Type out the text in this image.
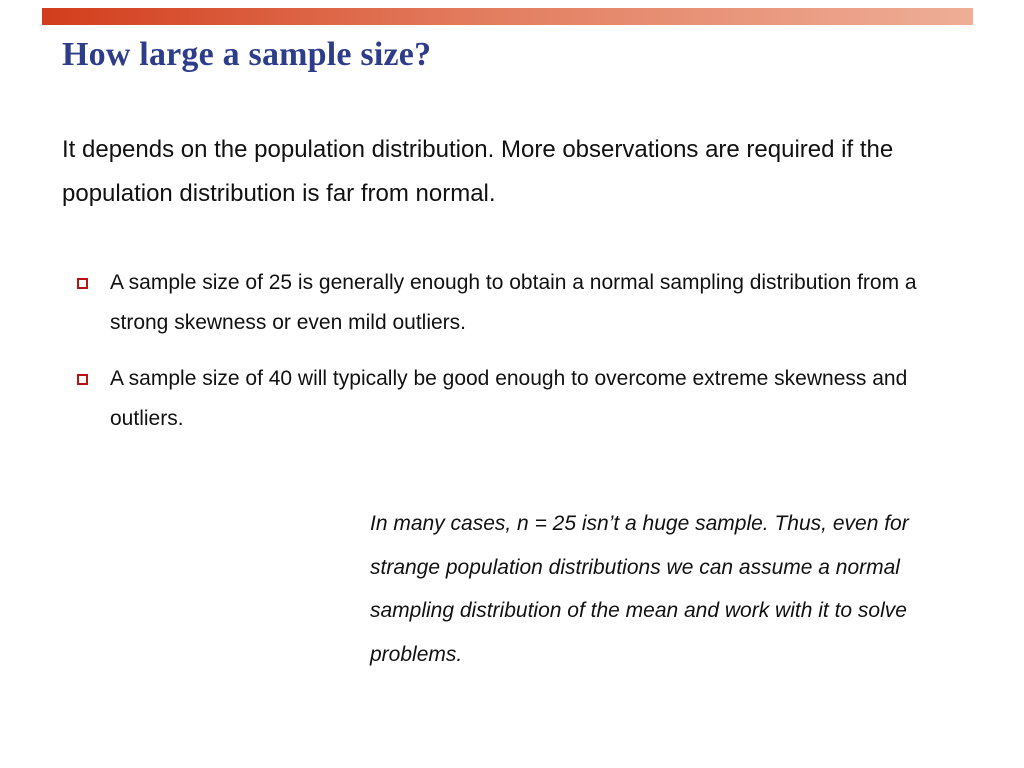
How large a sample size?

It depends on the population distribution. More observations are required if the population distribution is far from normal.

A sample size of 25 is generally enough to obtain a normal sampling distribution from a strong skewness or even mild outliers.
A sample size of 40 will typically be good enough to overcome extreme skewness and outliers.

In many cases, n = 25 isn’t a huge sample. Thus, even for strange population distributions we can assume a normal sampling distribution of the mean and work with it to solve problems.
